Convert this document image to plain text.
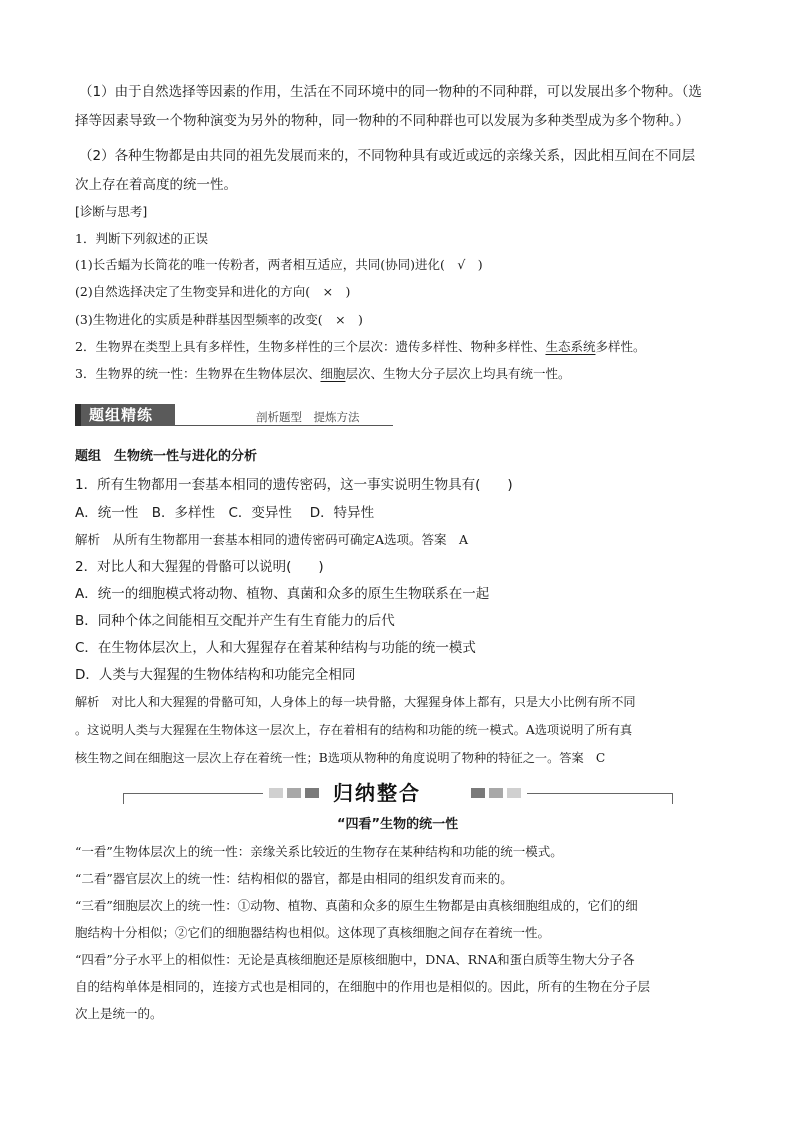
（1）由于自然选择等因素的作用，生活在不同环境中的同一物种的不同种群，可以发展出多个物种。（选
择等因素导致一个物种演变为另外的物种，同一物种的不同种群也可以发展为多种类型成为多个物种。）
（2）各种生物都是由共同的祖先发展而来的，不同物种具有或近或远的亲缘关系，因此相互间在不同层
次上存在着高度的统一性。
[诊断与思考]
1．判断下列叙述的正误
(1)长舌蝠为长筒花的唯一传粉者，两者相互适应，共同(协同)进化(　√　)
(2)自然选择决定了生物变异和进化的方向(　×　)
(3)生物进化的实质是种群基因型频率的改变(　×　)
2．生物界在类型上具有多样性，生物多样性的三个层次：遗传多样性、物种多样性、生态系统多样性。
3．生物界的统一性：生物界在生物体层次、细胞层次、生物大分子层次上均具有统一性。
题组精练	剖析题型　提炼方法
题组　生物统一性与进化的分析
1．所有生物都用一套基本相同的遗传密码，这一事实说明生物具有(　　)
A．统一性　B．多样性　C．变异性　 D．特异性
解析　从所有生物都用一套基本相同的遗传密码可确定A选项。答案　A
2．对比人和大猩猩的骨骼可以说明(　　)
A．统一的细胞模式将动物、植物、真菌和众多的原生生物联系在一起
B．同种个体之间能相互交配并产生有生育能力的后代
C．在生物体层次上，人和大猩猩存在着某种结构与功能的统一模式
D．人类与大猩猩的生物体结构和功能完全相同
解析　对比人和大猩猩的骨骼可知，人身体上的每一块骨骼，大猩猩身体上都有，只是大小比例有所不同
。这说明人类与大猩猩在生物体这一层次上，存在着相有的结构和功能的统一模式。A选项说明了所有真
核生物之间在细胞这一层次上存在着统一性；B选项从物种的角度说明了物种的特征之一。答案　C
归纳整合
“四看”生物的统一性
“一看”生物体层次上的统一性：亲缘关系比较近的生物存在某种结构和功能的统一模式。
“二看”器官层次上的统一性：结构相似的器官，都是由相同的组织发育而来的。
“三看”细胞层次上的统一性：①动物、植物、真菌和众多的原生生物都是由真核细胞组成的，它们的细
胞结构十分相似；②它们的细胞器结构也相似。这体现了真核细胞之间存在着统一性。
“四看”分子水平上的相似性：无论是真核细胞还是原核细胞中，DNA、RNA和蛋白质等生物大分子各
自的结构单体是相同的，连接方式也是相同的，在细胞中的作用也是相似的。因此，所有的生物在分子层
次上是统一的。
